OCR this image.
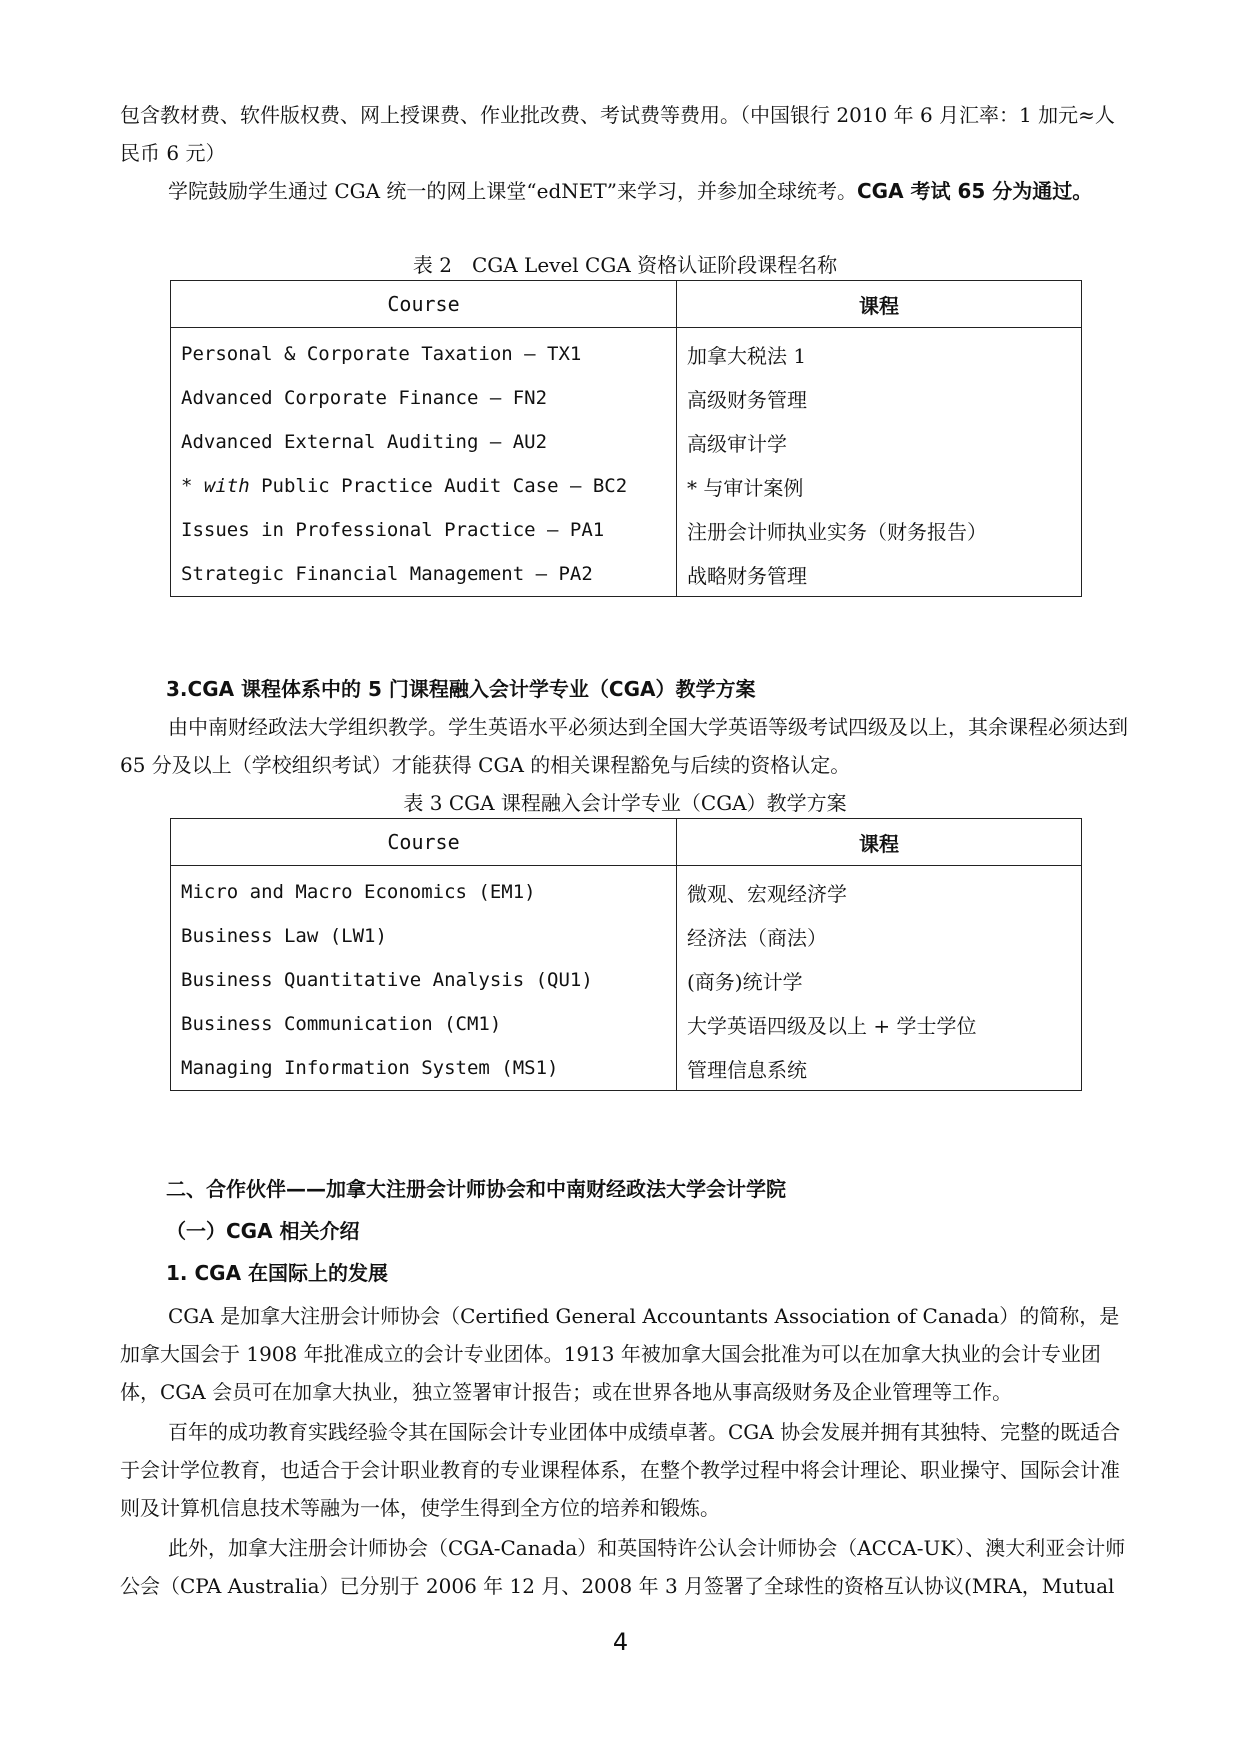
包含教材费、软件版权费、网上授课费、作业批改费、考试费等费用。（中国银行 2010 年 6 月汇率：1 加元≈人民币 6 元）

学院鼓励学生通过 CGA 统一的网上课堂“edNET”来学习，并参加全球统考。CGA 考试 65 分为通过。

表 2　CGA Level CGA 资格认证阶段课程名称
Course	课程
Personal & Corporate Taxation – TX1	加拿大税法 1
Advanced Corporate Finance – FN2	高级财务管理
Advanced External Auditing – AU2	高级审计学
* with Public Practice Audit Case – BC2	* 与审计案例
Issues in Professional Practice – PA1	注册会计师执业实务（财务报告）
Strategic Financial Management – PA2	战略财务管理
3.CGA 课程体系中的 5 门课程融入会计学专业（CGA）教学方案

由中南财经政法大学组织教学。学生英语水平必须达到全国大学英语等级考试四级及以上，其余课程必须达到 65 分及以上（学校组织考试）才能获得 CGA 的相关课程豁免与后续的资格认定。

表 3 CGA 课程融入会计学专业（CGA）教学方案
Course	课程
Micro and Macro Economics (EM1)	微观、宏观经济学
Business Law (LW1)	经济法（商法）
Business Quantitative Analysis (QU1)	(商务)统计学
Business Communication (CM1)	大学英语四级及以上 + 学士学位
Managing Information System (MS1)	管理信息系统
二、合作伙伴——加拿大注册会计师协会和中南财经政法大学会计学院
（一）CGA 相关介绍
1. CGA 在国际上的发展

CGA 是加拿大注册会计师协会（Certified General Accountants Association of Canada）的简称，是加拿大国会于 1908 年批准成立的会计专业团体。1913 年被加拿大国会批准为可以在加拿大执业的会计专业团体，CGA 会员可在加拿大执业，独立签署审计报告；或在世界各地从事高级财务及企业管理等工作。

百年的成功教育实践经验令其在国际会计专业团体中成绩卓著。CGA 协会发展并拥有其独特、完整的既适合于会计学位教育，也适合于会计职业教育的专业课程体系，在整个教学过程中将会计理论、职业操守、国际会计准则及计算机信息技术等融为一体，使学生得到全方位的培养和锻炼。

此外，加拿大注册会计师协会（CGA-Canada）和英国特许公认会计师协会（ACCA-UK）、澳大利亚会计师公会（CPA Australia）已分别于 2006 年 12 月、2008 年 3 月签署了全球性的资格互认协议(MRA，Mutual

4
